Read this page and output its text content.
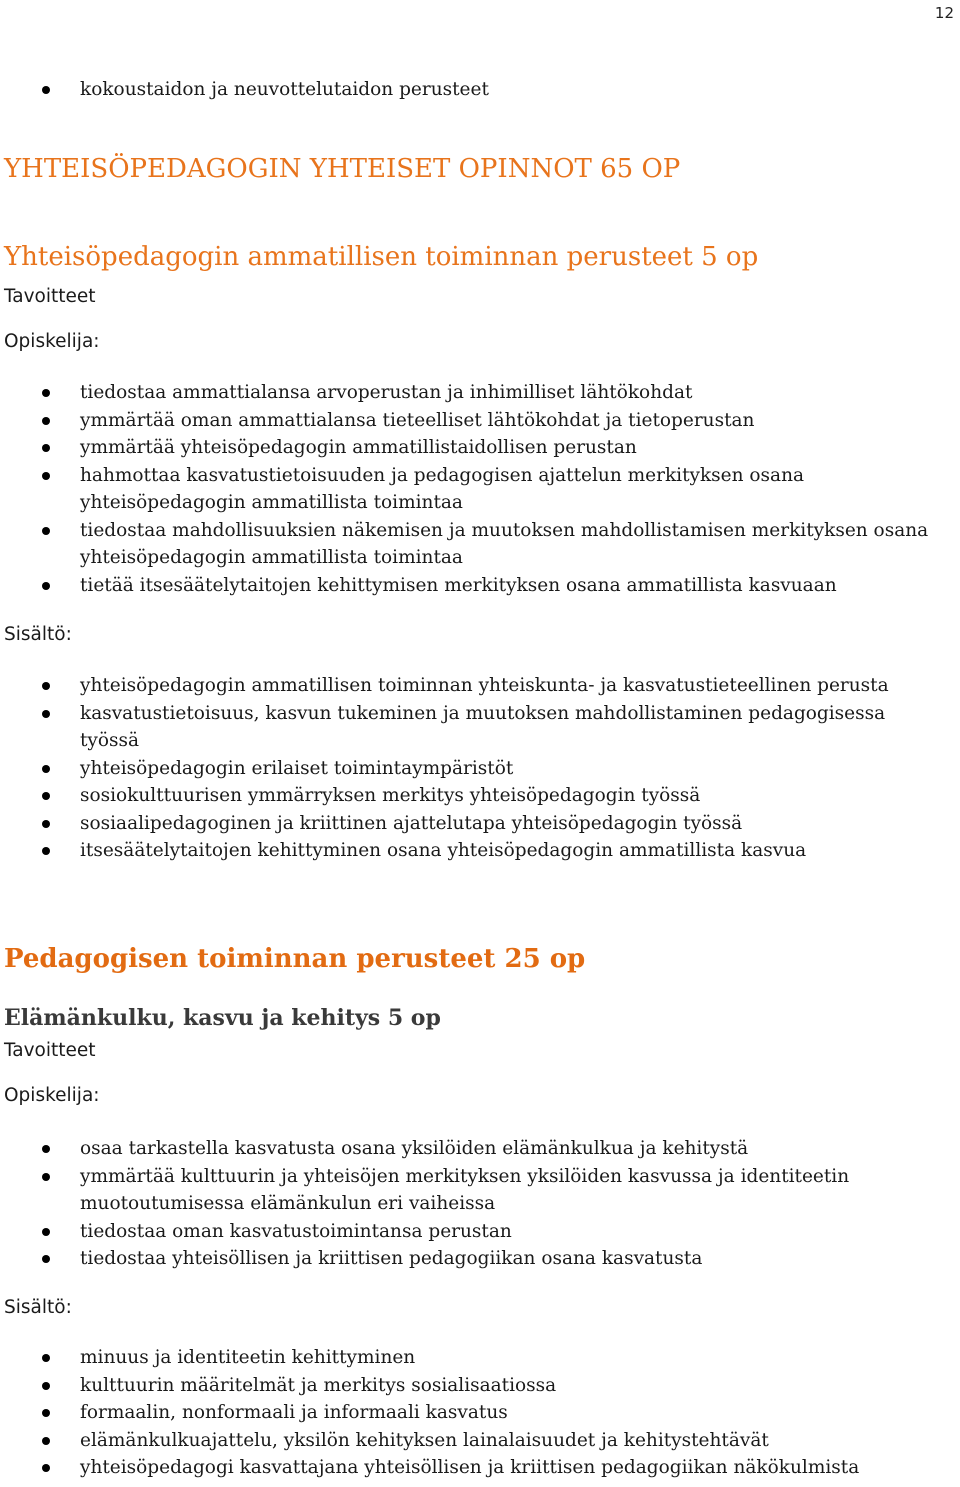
12
kokoustaidon ja neuvottelutaidon perusteet
YHTEISÖPEDAGOGIN YHTEISET OPINNOT 65 OP
Yhteisöpedagogin ammatillisen toiminnan perusteet 5 op
Tavoitteet
Opiskelija:
tiedostaa ammattialansa arvoperustan ja inhimilliset lähtökohdat
ymmärtää oman ammattialansa tieteelliset lähtökohdat ja tietoperustan
ymmärtää yhteisöpedagogin ammatillistaidollisen perustan
hahmottaa kasvatustietoisuuden ja pedagogisen ajattelun merkityksen osana yhteisöpedagogin ammatillista toimintaa
tiedostaa mahdollisuuksien näkemisen ja muutoksen mahdollistamisen merkityksen osana yhteisöpedagogin ammatillista toimintaa
tietää itsesäätelytaitojen kehittymisen merkityksen osana ammatillista kasvuaan
Sisältö:
yhteisöpedagogin ammatillisen toiminnan yhteiskunta- ja kasvatustieteellinen perusta
kasvatustietoisuus, kasvun tukeminen ja muutoksen mahdollistaminen pedagogisessa työssä
yhteisöpedagogin erilaiset toimintaympäristöt
sosiokulttuurisen ymmärryksen merkitys yhteisöpedagogin työssä
sosiaalipedagoginen ja kriittinen ajattelutapa yhteisöpedagogin työssä
itsesäätelytaitojen kehittyminen osana yhteisöpedagogin ammatillista kasvua
Pedagogisen toiminnan perusteet 25 op
Elämänkulku, kasvu ja kehitys 5 op
Tavoitteet
Opiskelija:
osaa tarkastella kasvatusta osana yksilöiden elämänkulkua ja kehitystä
ymmärtää kulttuurin ja yhteisöjen merkityksen yksilöiden kasvussa ja identiteetin muotoutumisessa elämänkulun eri vaiheissa
tiedostaa oman kasvatustoimintansa perustan
tiedostaa yhteisöllisen ja kriittisen pedagogiikan osana kasvatusta
Sisältö:
minuus ja identiteetin kehittyminen
kulttuurin määritelmät ja merkitys sosialisaatiossa
formaalin, nonformaali ja informaali kasvatus
elämänkulkuajattelu, yksilön kehityksen lainalaisuudet ja kehitystehtävät
yhteisöpedagogi kasvattajana yhteisöllisen ja kriittisen pedagogiikan näkökulmista
